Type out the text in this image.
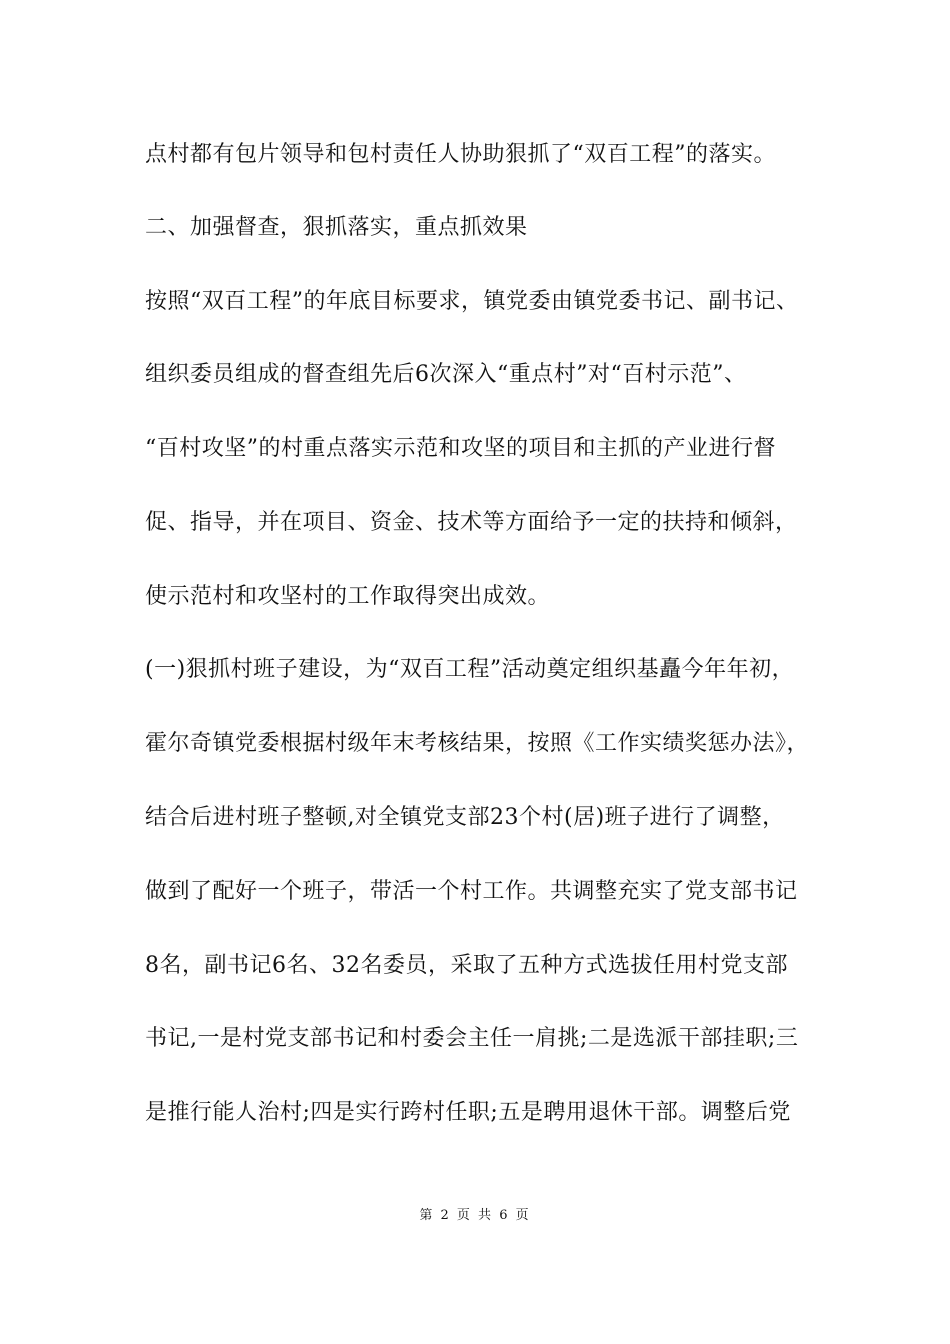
点村都有包片领导和包村责任人协助狠抓了“双百工程”的落实。
二、加强督查，狠抓落实，重点抓效果
按照“双百工程”的年底目标要求，镇党委由镇党委书记、副书记、
组织委员组成的督查组先后6次深入“重点村”对“百村示范”、
“百村攻坚”的村重点落实示范和攻坚的项目和主抓的产业进行督
促、指导，并在项目、资金、技术等方面给予一定的扶持和倾斜，
使示范村和攻坚村的工作取得突出成效。
(一)狠抓村班子建设，为“双百工程”活动奠定组织基矗今年年初，
霍尔奇镇党委根据村级年末考核结果，按照《工作实绩奖惩办法》，
结合后进村班子整顿,对全镇党支部23个村(居)班子进行了调整，
做到了配好一个班子，带活一个村工作。共调整充实了党支部书记
8名，副书记6名、32名委员，采取了五种方式选拔任用村党支部
书记,一是村党支部书记和村委会主任一肩挑;二是选派干部挂职;三
是推行能人治村;四是实行跨村任职;五是聘用退休干部。调整后党
第 2 页 共 6 页
